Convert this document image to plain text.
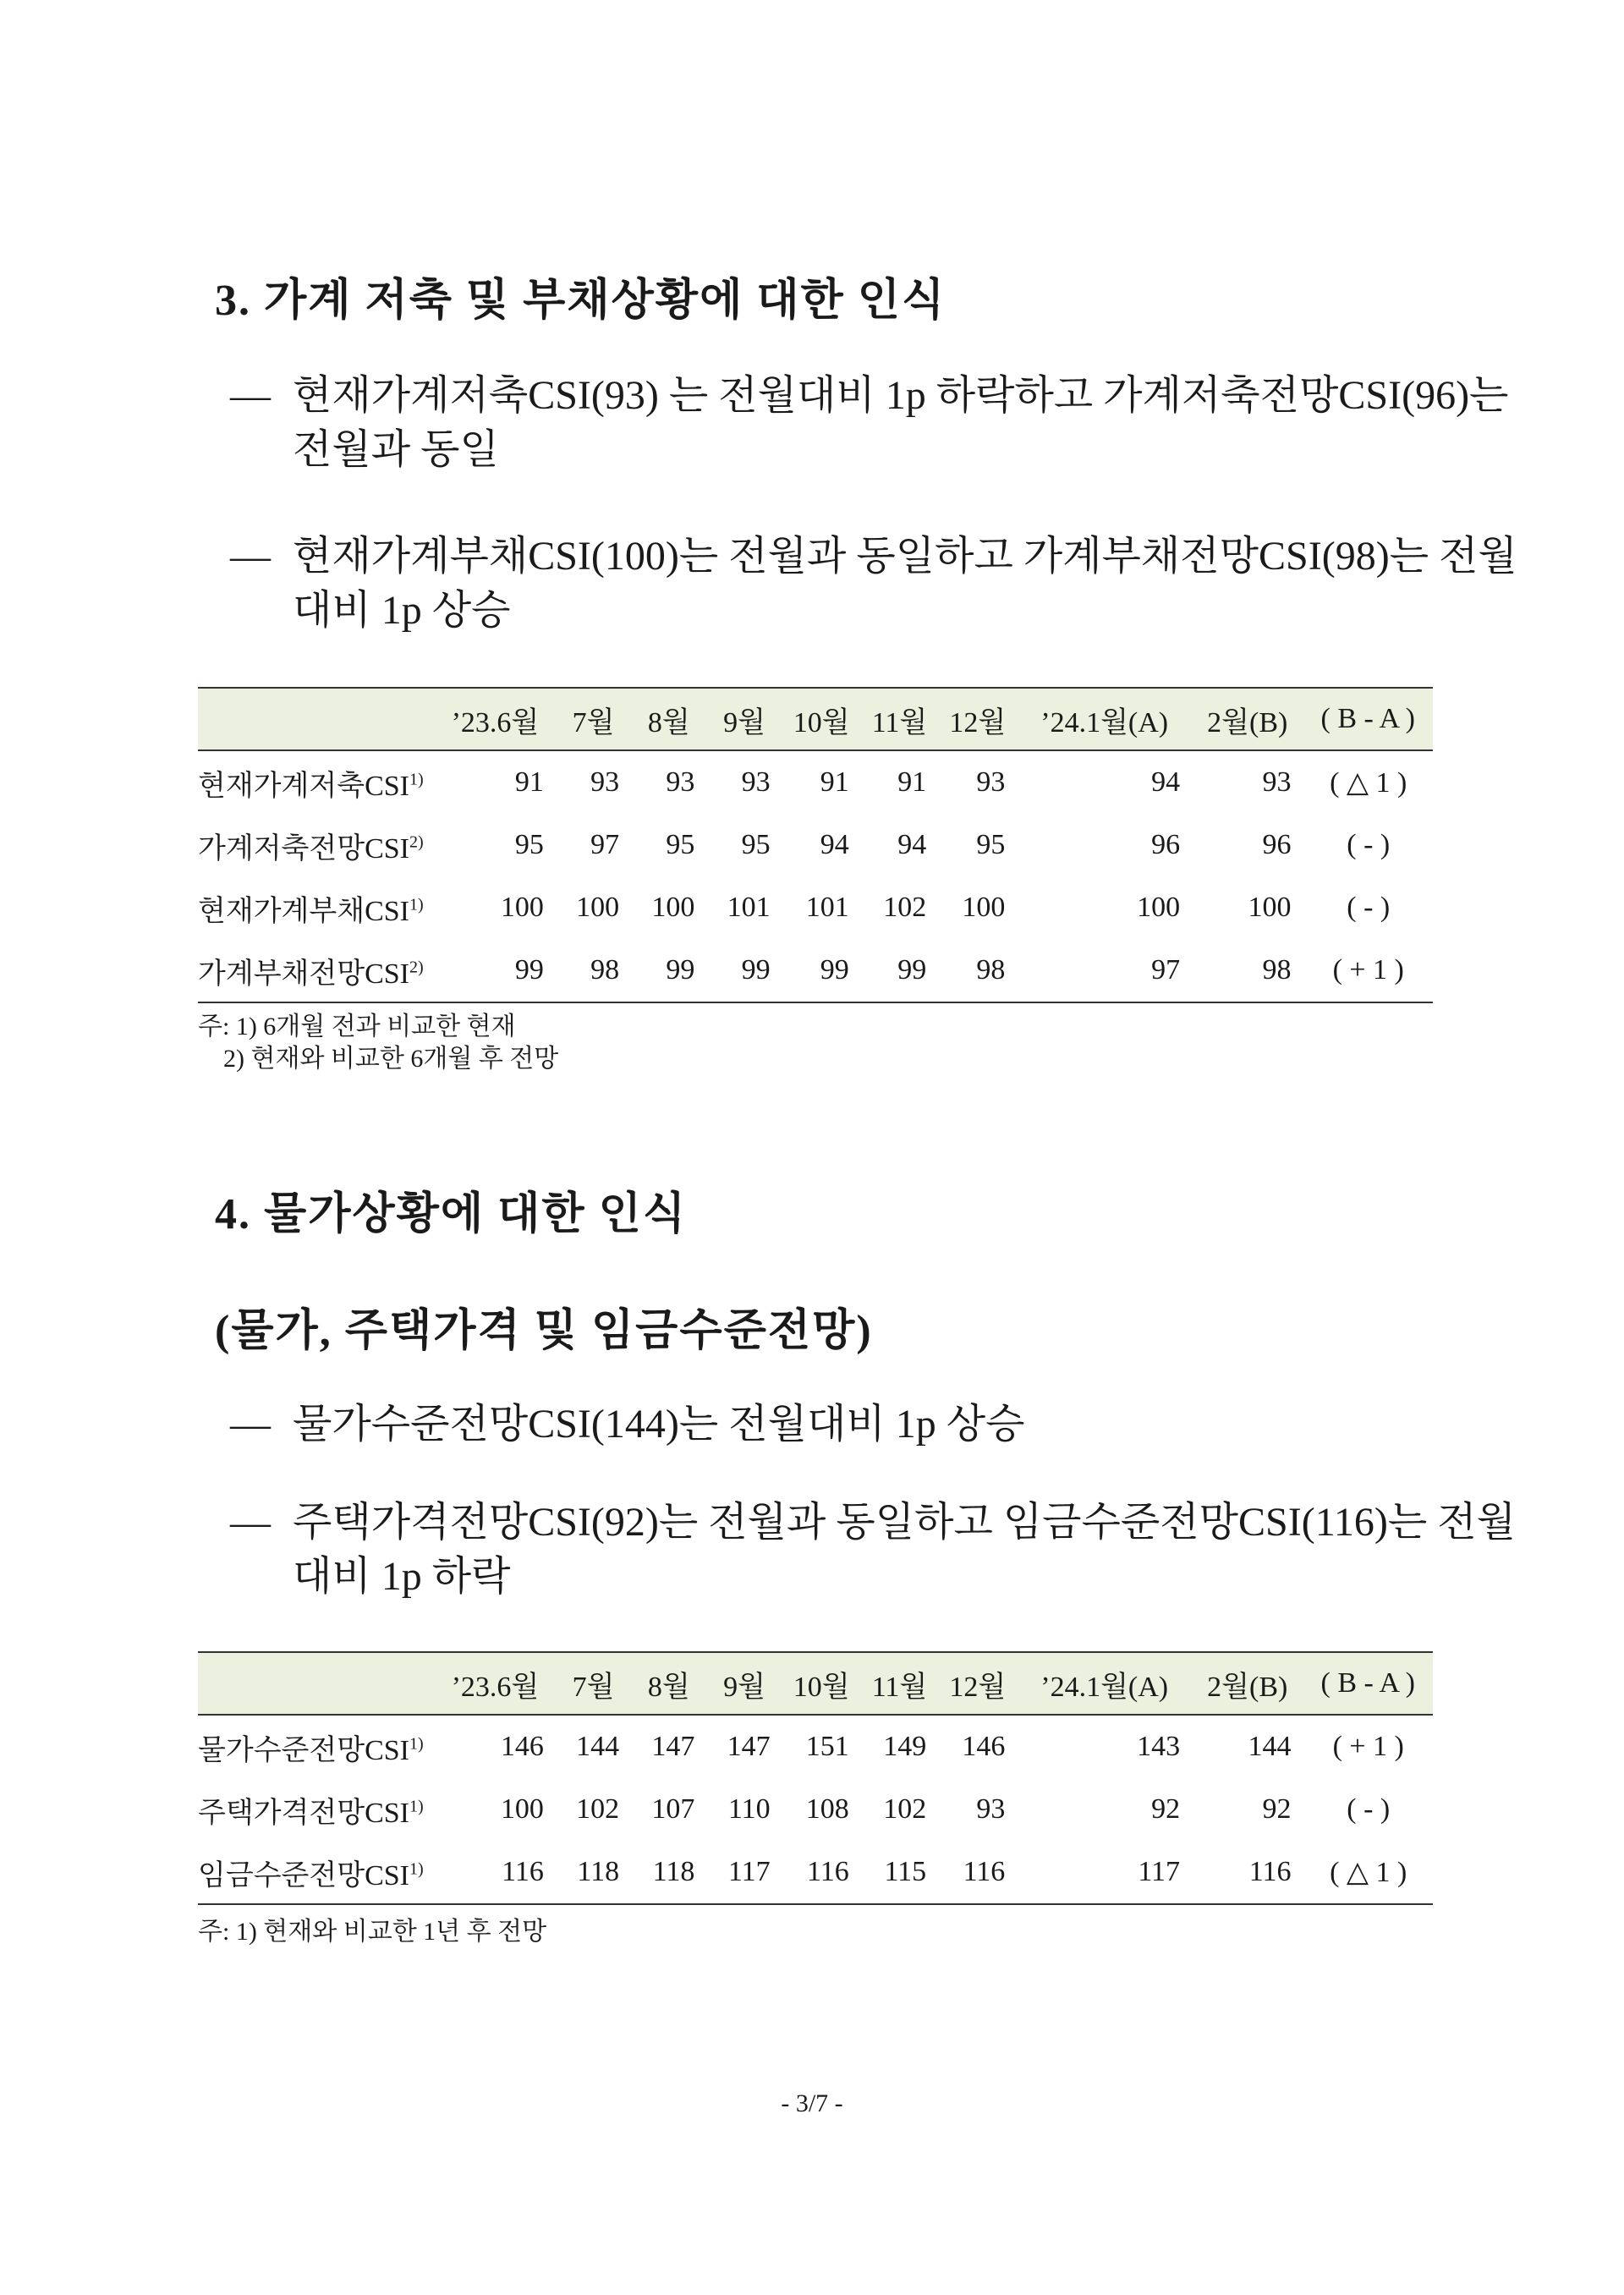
3. 가계 저축 및 부채상황에 대한 인식
— 현재가계저축CSI(93) 는 전월대비 1p 하락하고 가계저축전망CSI(96)는
전월과 동일
— 현재가계부채CSI(100)는 전월과 동일하고 가계부채전망CSI(98)는 전월
대비 1p 상승
	’23.6월	7월	8월	9월	10월	11월	12월	’24.1월(A)	2월(B)	( B - A )
현재가계저축CSI$^{1)}$	91	93	93	93	91	91	93	94	93	( △ 1 )
가계저축전망CSI$^{2)}$	95	97	95	95	94	94	95	96	96	( - )
현재가계부채CSI$^{1)}$	100	100	100	101	101	102	100	100	100	( - )
가계부채전망CSI$^{2)}$	99	98	99	99	99	99	98	97	98	( + 1 )
주: 1) 6개월 전과 비교한 현재
2) 현재와 비교한 6개월 후 전망
4. 물가상황에 대한 인식
(물가, 주택가격 및 임금수준전망)
— 물가수준전망CSI(144)는 전월대비 1p 상승
— 주택가격전망CSI(92)는 전월과 동일하고 임금수준전망CSI(116)는 전월
대비 1p 하락
	’23.6월	7월	8월	9월	10월	11월	12월	’24.1월(A)	2월(B)	( B - A )
물가수준전망CSI$^{1)}$	146	144	147	147	151	149	146	143	144	( + 1 )
주택가격전망CSI$^{1)}$	100	102	107	110	108	102	93	92	92	( - )
임금수준전망CSI$^{1)}$	116	118	118	117	116	115	116	117	116	( △ 1 )
주: 1) 현재와 비교한 1년 후 전망
- 3/7 -
